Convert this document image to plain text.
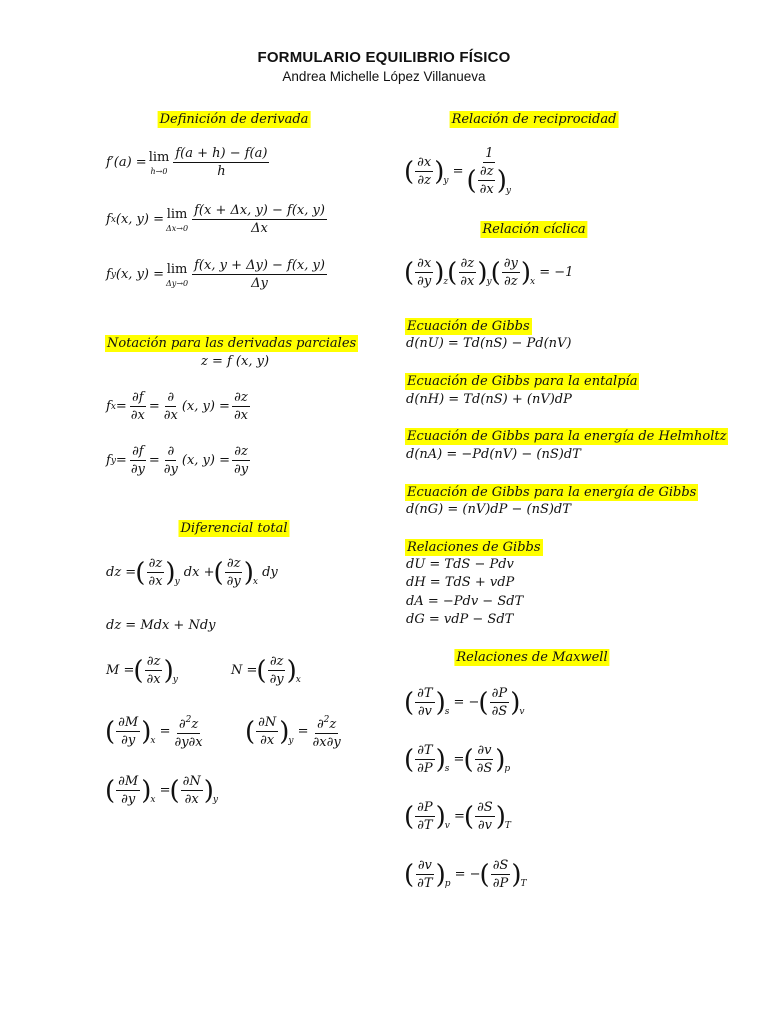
FORMULARIO EQUILIBRIO FÍSICO
Andrea Michelle López Villanueva
Definición de derivada
f′(a) = lim
h→0
f(a + h) − f(a)
h
f x (x, y) = lim
Δx→0
f(x + Δx, y) − f(x, y)
Δx
f y (x, y) = lim
Δy→0
f(x, y + Δy) − f(x, y)
Δy
Notación para las derivadas parciales
z = f (x, y)
f x =
∂f
∂x
=
∂
∂x
(x, y) =
∂z
∂x
f y =
∂f
∂y
=
∂
∂y
(x, y) =
∂z
∂y
Diferencial total
dz = ( ∂z
∂x ) y
dx + ( ∂z
∂y ) x
dy
dz = Mdx + Ndy
M = ( ∂z
∂x ) y
N = ( ∂z
∂y ) x
( ∂M
∂y ) x
= ∂$^2$z
∂y∂x ( ∂N
∂x ) y
= ∂$^2$z
∂x∂y
( ∂M
∂y ) x
= ( ∂N
∂x ) y
Relación de reciprocidad
( ∂x
∂z ) y
=
1
( ∂z
∂x ) y
Relación cíclica
( ∂x
∂y ) z ( ∂z
∂x ) y ( ∂y
∂z ) x
= −1
Ecuación de Gibbs
d(nU) = Td(nS) − Pd(nV)
Ecuación de Gibbs para la entalpía
d(nH) = Td(nS) + (nV)dP
Ecuación de Gibbs para la energía de Helmholtz
d(nA) = −Pd(nV) − (nS)dT
Ecuación de Gibbs para la energía de Gibbs
d(nG) = (nV)dP − (nS)dT
Relaciones de Gibbs
dU = TdS − Pdv
dH = TdS + vdP
dA = −Pdv − SdT
dG = vdP − SdT
Relaciones de Maxwell
( ∂T
∂v ) s
= − ( ∂P
∂S ) v
( ∂T
∂P ) s
= ( ∂v
∂S ) p
( ∂P
∂T ) v
= ( ∂S
∂v ) T
( ∂v
∂T ) p
= − ( ∂S
∂P ) T
